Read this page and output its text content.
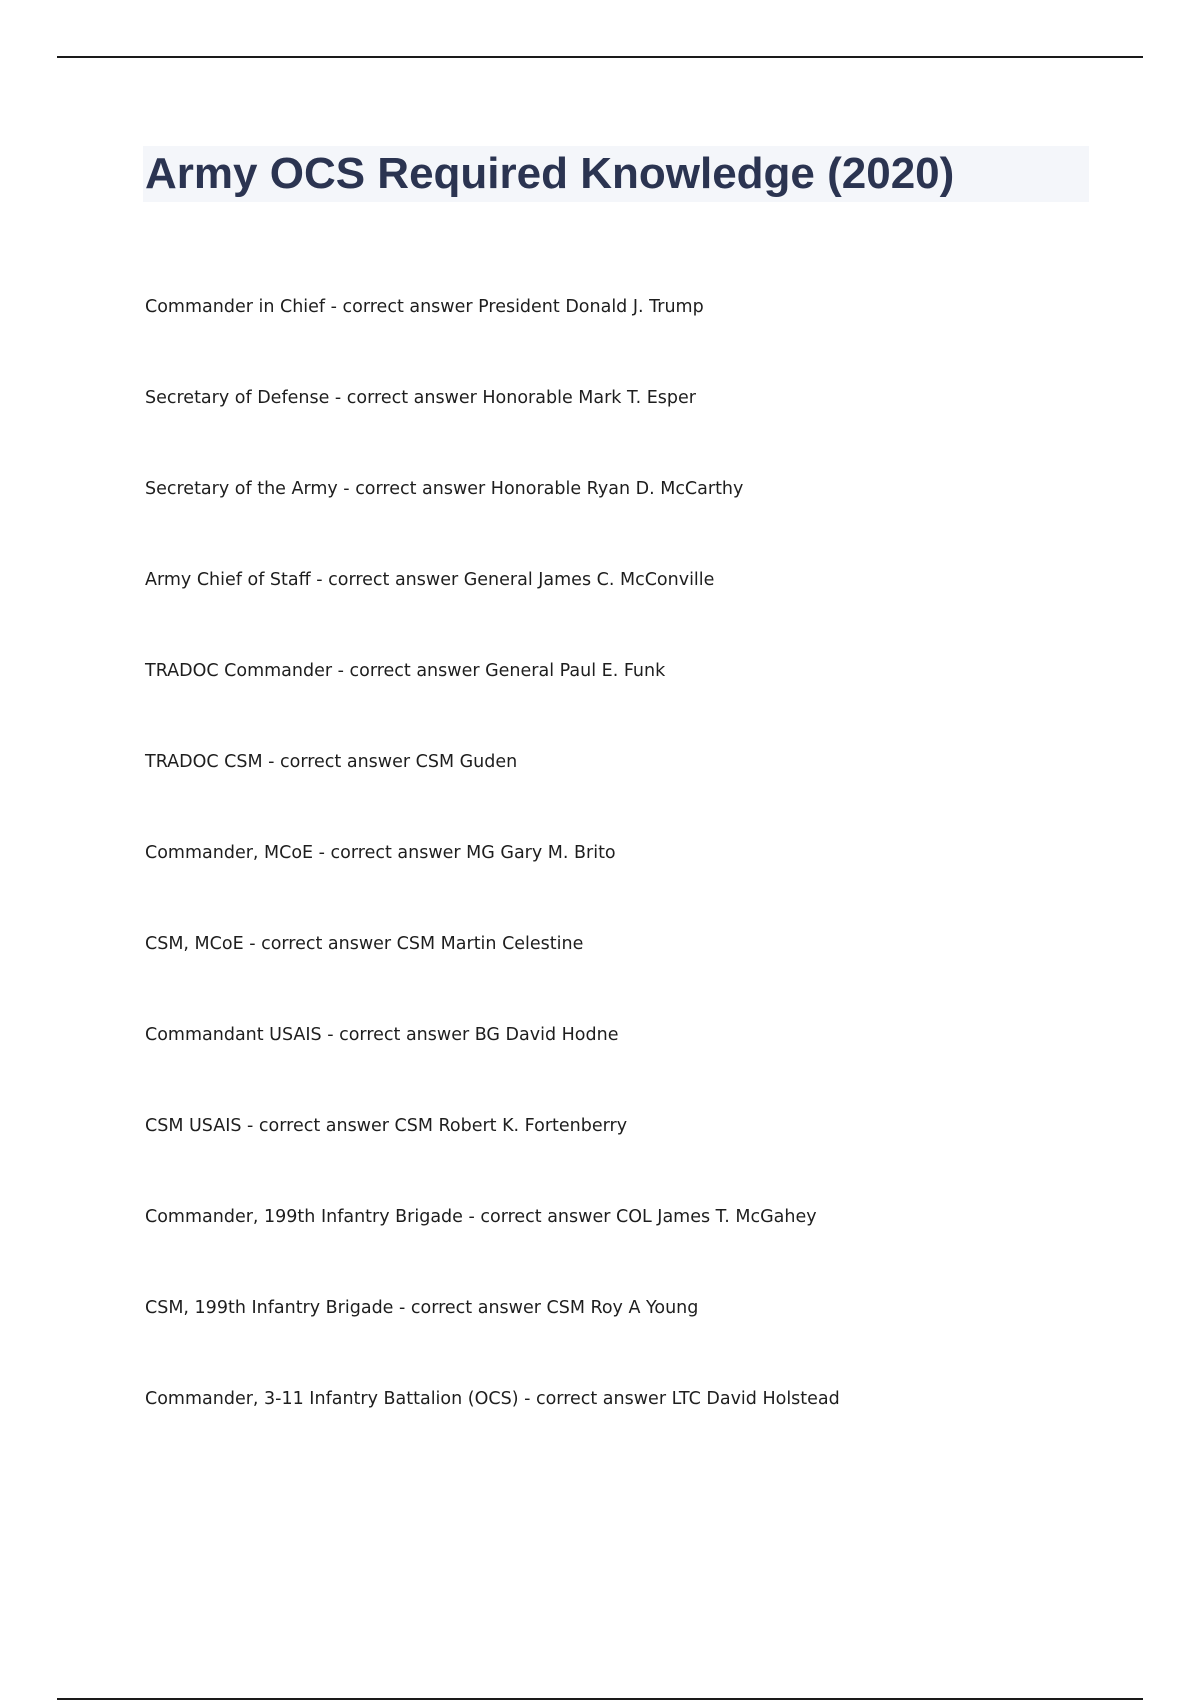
Army OCS Required Knowledge (2020)
Commander in Chief - correct answer President Donald J. Trump
Secretary of Defense - correct answer Honorable Mark T. Esper
Secretary of the Army - correct answer Honorable Ryan D. McCarthy
Army Chief of Staff - correct answer General James C. McConville
TRADOC Commander - correct answer General Paul E. Funk
TRADOC CSM - correct answer CSM Guden
Commander, MCoE - correct answer MG Gary M. Brito
CSM, MCoE - correct answer CSM Martin Celestine
Commandant USAIS - correct answer BG David Hodne
CSM USAIS - correct answer CSM Robert K. Fortenberry
Commander, 199th Infantry Brigade - correct answer COL James T. McGahey
CSM, 199th Infantry Brigade - correct answer CSM Roy A Young
Commander, 3-11 Infantry Battalion (OCS) - correct answer LTC David Holstead
